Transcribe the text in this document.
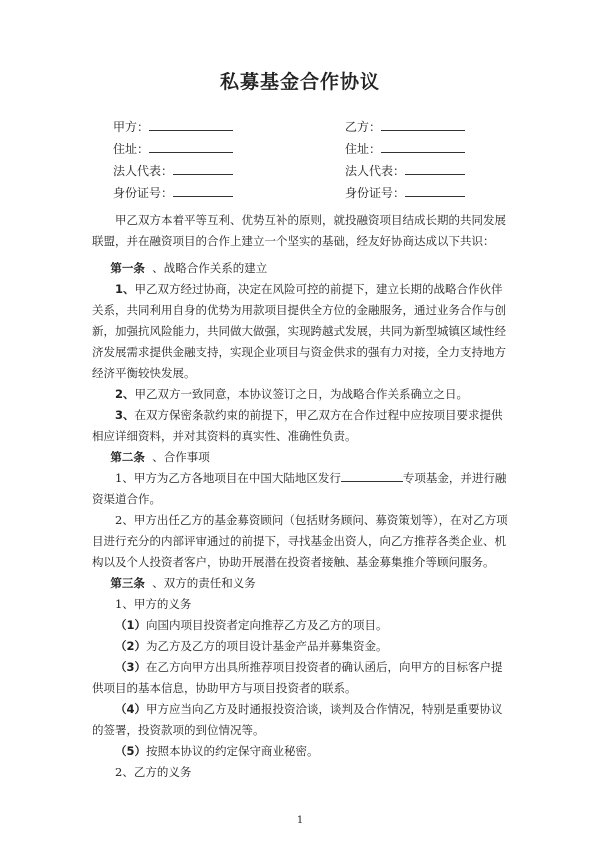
私募基金合作协议
甲方：	乙方：
住址：	住址：
法人代表：	法人代表：
身份证号：	身份证号：

甲乙双方本着平等互利、优势互补的原则，就投融资项目结成长期的共同发展联盟，并在融资项目的合作上建立一个坚实的基础，经友好协商达成以下共识：

第一条 、战略合作关系的建立

1、甲乙双方经过协商，决定在风险可控的前提下，建立长期的战略合作伙伴关系，共同利用自身的优势为用款项目提供全方位的金融服务，通过业务合作与创新，加强抗风险能力，共同做大做强，实现跨越式发展，共同为新型城镇区域性经济发展需求提供金融支持，实现企业项目与资金供求的强有力对接，全力支持地方经济平衡较快发展。

2、甲乙双方一致同意，本协议签订之日，为战略合作关系确立之日。

3、在双方保密条款约束的前提下，甲乙双方在合作过程中应按项目要求提供相应详细资料，并对其资料的真实性、准确性负责。

第二条 、合作事项

1、甲方为乙方各地项目在中国大陆地区发行	专项基金，并进行融资渠道合作。

2、甲方出任乙方的基金募资顾问（包括财务顾问、募资策划等），在对乙方项目进行充分的内部评审通过的前提下，寻找基金出资人，向乙方推荐各类企业、机构以及个人投资者客户，协助开展潜在投资者接触、基金募集推介等顾问服务。

第三条 、双方的责任和义务

1、甲方的义务

（1）向国内项目投资者定向推荐乙方及乙方的项目。

（2）为乙方及乙方的项目设计基金产品并募集资金。

（3）在乙方向甲方出具所推荐项目投资者的确认函后，向甲方的目标客户提供项目的基本信息，协助甲方与项目投资者的联系。

（4）甲方应当向乙方及时通报投资洽谈，谈判及合作情况，特别是重要协议的签署，投资款项的到位情况等。

（5）按照本协议的约定保守商业秘密。

2、乙方的义务

1
